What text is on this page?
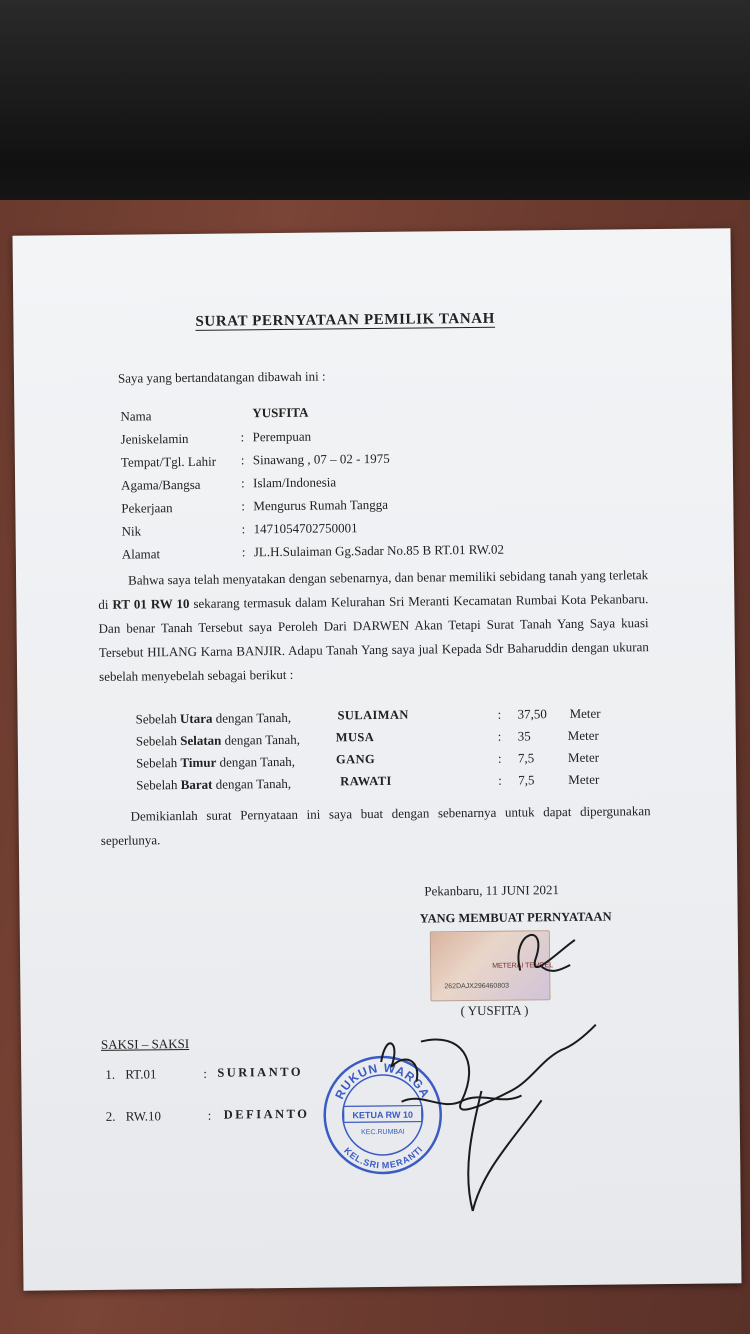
SURAT PERNYATAAN PEMILIK TANAH
Saya yang bertandatangan dibawah ini :
Nama	YUSFITA
Jeniskelamin	: Perempuan
Tempat/Tgl. Lahir : Sinawang , 07 – 02 - 1975
Agama/Bangsa	: Islam/Indonesia
Pekerjaan	: Mengurus Rumah Tangga
Nik	: 1471054702750001
Alamat	: JL.H.Sulaiman Gg.Sadar No.85 B RT.01 RW.02

Bahwa saya telah menyatakan dengan sebenarnya, dan benar memiliki sebidang tanah yang terletak di RT 01 RW 10 sekarang termasuk dalam Kelurahan Sri Meranti Kecamatan Rumbai Kota Pekanbaru. Dan benar Tanah Tersebut saya Peroleh Dari DARWEN Akan Tetapi Surat Tanah Yang Saya kuasi Tersebut HILANG Karna BANJIR. Adapu Tanah Yang saya jual Kepada Sdr Baharuddin dengan ukuran sebelah menyebelah sebagai berikut :

Sebelah Utara dengan Tanah,	SULAIMAN	: 37,50 Meter
Sebelah Selatan dengan Tanah,	MUSA	: 35	Meter
Sebelah Timur dengan Tanah,	GANG	: 7,5	Meter
Sebelah Barat dengan Tanah,	RAWATI	: 7,5	Meter

Demikianlah surat Pernyataan ini saya buat dengan sebenarnya untuk dapat dipergunakan seperlunya.

Pekanbaru, 11 JUNI 2021
YANG MEMBUAT PERNYATAAN
METERAI TEMPEL
262DAJX296460803
( YUSFITA )
SAKSI – SAKSI
1. RT.01	: SURIANTO
2. RW.10	: DEFIANTO
RUKUN WARGA
KEL.SRI MERANTI
KETUA RW 10
KEC.RUMBAI
